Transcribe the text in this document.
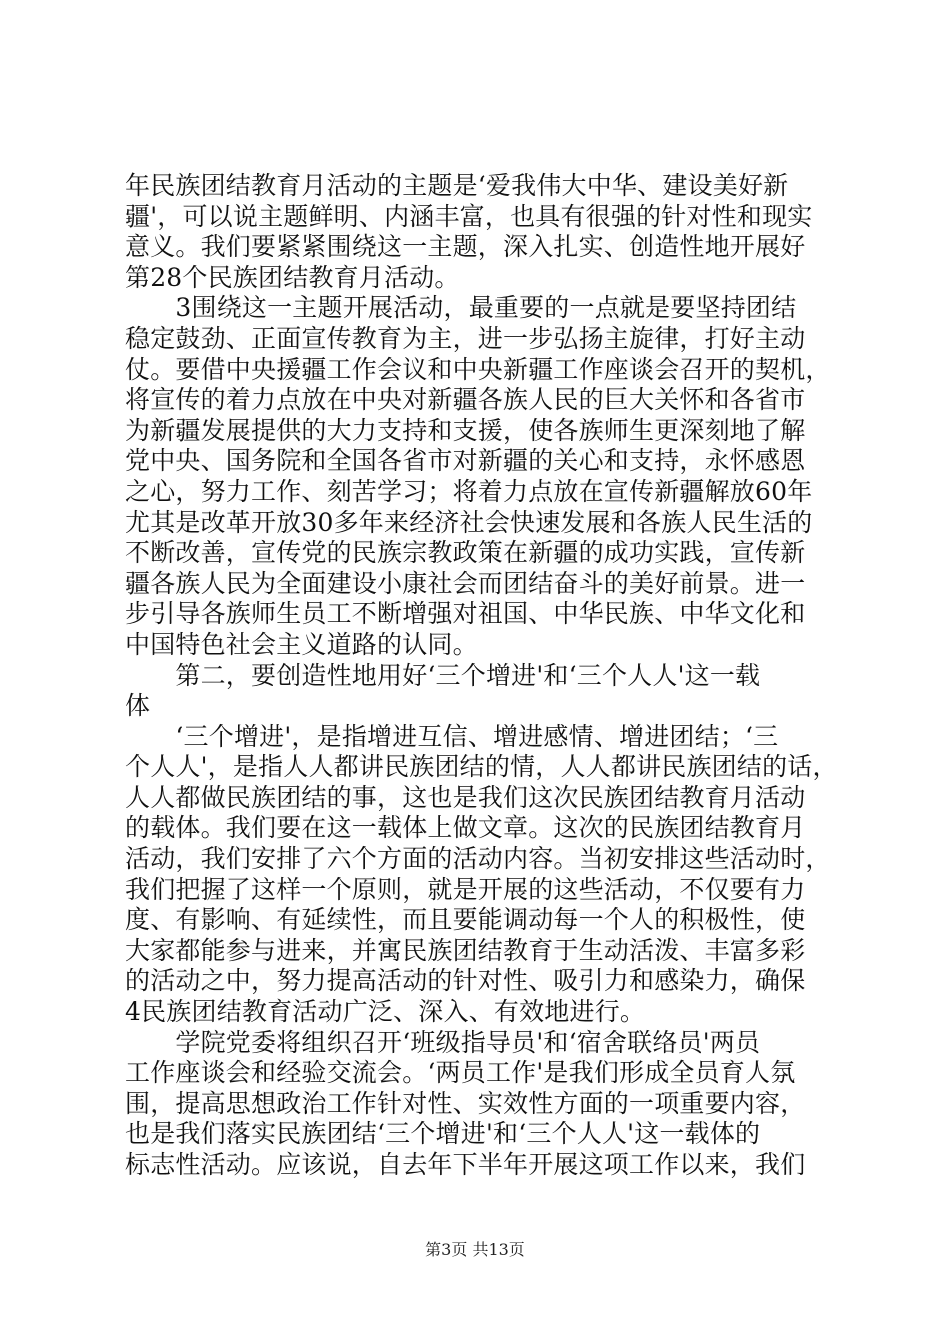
年民族团结教育月活动的主题是‘爱我伟大中华、建设美好新
疆'，可以说主题鲜明、内涵丰富，也具有很强的针对性和现实
意义。我们要紧紧围绕这一主题，深入扎实、创造性地开展好
第28个民族团结教育月活动。
　　3围绕这一主题开展活动，最重要的一点就是要坚持团结
稳定鼓劲、正面宣传教育为主，进一步弘扬主旋律，打好主动
仗。要借中央援疆工作会议和中央新疆工作座谈会召开的契机，
将宣传的着力点放在中央对新疆各族人民的巨大关怀和各省市
为新疆发展提供的大力支持和支援，使各族师生更深刻地了解
党中央、国务院和全国各省市对新疆的关心和支持，永怀感恩
之心，努力工作、刻苦学习；将着力点放在宣传新疆解放60年
尤其是改革开放30多年来经济社会快速发展和各族人民生活的
不断改善，宣传党的民族宗教政策在新疆的成功实践，宣传新
疆各族人民为全面建设小康社会而团结奋斗的美好前景。进一
步引导各族师生员工不断增强对祖国、中华民族、中华文化和
中国特色社会主义道路的认同。
　　第二，要创造性地用好‘三个增进'和‘三个人人'这一载
体
　　‘三个增进'，是指增进互信、增进感情、增进团结；‘三
个人人'，是指人人都讲民族团结的情，人人都讲民族团结的话，
人人都做民族团结的事，这也是我们这次民族团结教育月活动
的载体。我们要在这一载体上做文章。这次的民族团结教育月
活动，我们安排了六个方面的活动内容。当初安排这些活动时，
我们把握了这样一个原则，就是开展的这些活动，不仅要有力
度、有影响、有延续性，而且要能调动每一个人的积极性，使
大家都能参与进来，并寓民族团结教育于生动活泼、丰富多彩
的活动之中，努力提高活动的针对性、吸引力和感染力，确保
4民族团结教育活动广泛、深入、有效地进行。
　　学院党委将组织召开‘班级指导员'和‘宿舍联络员'两员
工作座谈会和经验交流会。‘两员工作'是我们形成全员育人氛
围，提高思想政治工作针对性、实效性方面的一项重要内容，
也是我们落实民族团结‘三个增进'和‘三个人人'这一载体的
标志性活动。应该说，自去年下半年开展这项工作以来，我们
第3页 共13页
